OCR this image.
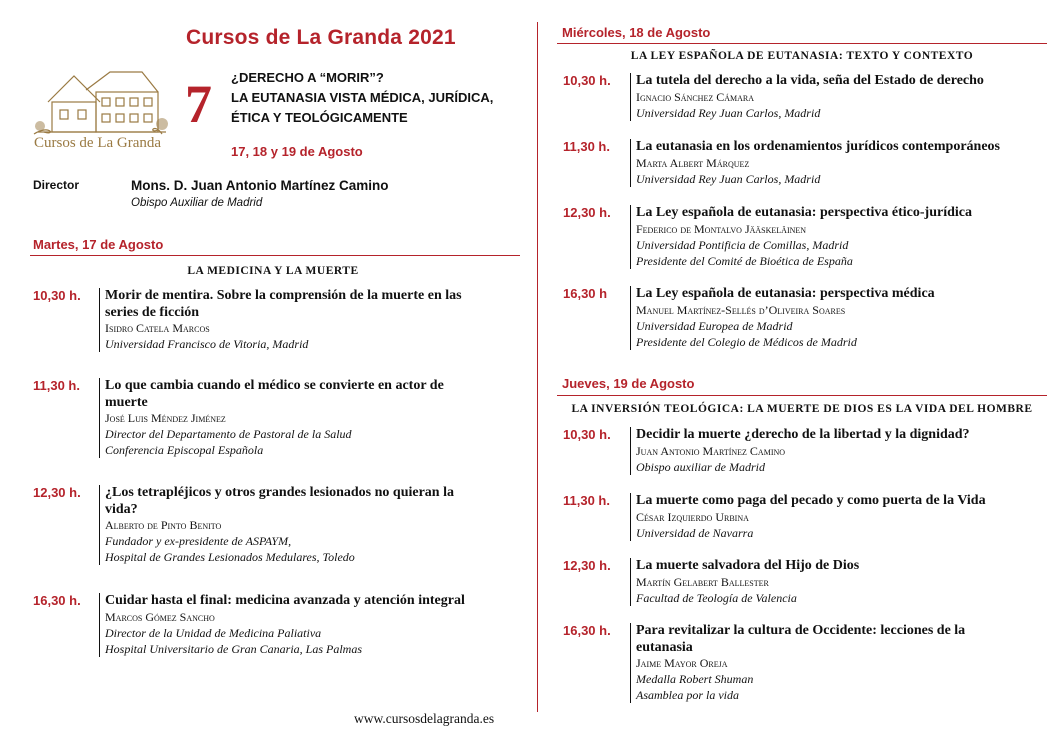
Cursos de La Granda 2021
Cursos de La Granda
7 ¿DERECHO A “MORIR”?
LA EUTANASIA VISTA MÉDICA, JURÍDICA,
ÉTICA Y TEOLÓGICAMENTE
17, 18 y 19 de Agosto
Director	Mons. D. Juan Antonio Martínez Camino
Obispo Auxiliar de Madrid
Martes, 17 de Agosto
LA MEDICINA Y LA MUERTE
10,30 h. Morir de mentira. Sobre la comprensión de la muerte en las
series de ficción
Isidro Catela Marcos
Universidad Francisco de Vitoria, Madrid
11,30 h. Lo que cambia cuando el médico se convierte en actor de
muerte
José Luis Méndez Jiménez
Director del Departamento de Pastoral de la Salud
Conferencia Episcopal Española
12,30 h. ¿Los tetrapléjicos y otros grandes lesionados no quieran la
vida?
Alberto de Pinto Benito
Fundador y ex-presidente de ASPAYM,
Hospital de Grandes Lesionados Medulares, Toledo
16,30 h. Cuidar hasta el final: medicina avanzada y atención integral
Marcos Gómez Sancho
Director de la Unidad de Medicina Paliativa
Hospital Universitario de Gran Canaria, Las Palmas
Miércoles, 18 de Agosto
LA LEY ESPAÑOLA DE EUTANASIA: TEXTO Y CONTEXTO
10,30 h. La tutela del derecho a la vida, seña del Estado de derecho
Ignacio Sánchez Cámara
Universidad Rey Juan Carlos, Madrid
11,30 h. La eutanasia en los ordenamientos jurídicos contemporáneos
Marta Albert Márquez
Universidad Rey Juan Carlos, Madrid
12,30 h. La Ley española de eutanasia: perspectiva ético-jurídica
Federico de Montalvo Jääskeläinen
Universidad Pontificia de Comillas, Madrid
Presidente del Comité de Bioética de España
16,30 h La Ley española de eutanasia: perspectiva médica
Manuel Martínez-Sellés d’Oliveira Soares
Universidad Europea de Madrid
Presidente del Colegio de Médicos de Madrid
Jueves, 19 de Agosto
LA INVERSIÓN TEOLÓGICA: LA MUERTE DE DIOS ES LA VIDA DEL HOMBRE
10,30 h. Decidir la muerte ¿derecho de la libertad y la dignidad?
Juan Antonio Martínez Camino
Obispo auxiliar de Madrid
11,30 h. La muerte como paga del pecado y como puerta de la Vida
César Izquierdo Urbina
Universidad de Navarra
12,30 h. La muerte salvadora del Hijo de Dios
Martín Gelabert Ballester
Facultad de Teología de Valencia
16,30 h. Para revitalizar la cultura de Occidente: lecciones de la
eutanasia
Jaime Mayor Oreja
Medalla Robert Shuman
Asamblea por la vida
www.cursosdelagranda.es
